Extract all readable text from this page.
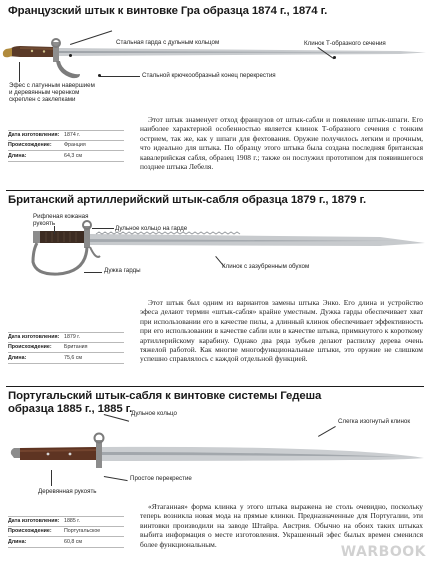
Французский штык к винтовке Гра образца 1874 г., 1874 г.
Стальная гарда с дульным кольцом	Клинок Т-образного сечения
Стальной крючкообразный конец перекрестия
Эфес с латунным навершием и деревянным черенком скреплен с заклепками
Этот штык знаменует отход французов от штык-сабли и появление штык-шпаги. Его наиболее характерной особенностью является клинок Т-образного сечения с тонким острием, так же, как у шпаги для фехтования. Оружие получилось легким и прочным, что идеально для штыка. По образцу этого штыка была создана последняя британская кавалерийская сабля, образец 1908 г.; также он послужил прототипом для появившегося позднее штыка Лебеля.
Дата изготовления: 1874 г.
Происхождение:	Франция
Длина:	64,3 см
Британский артиллерийский штык-сабля образца 1879 г., 1879 г.
Рифленая кожаная рукоять
Дульное кольцо на гарде
Клинок с зазубренным обухом
Дужка гарды
Этот штык был одним из вариантов замены штыка Энко. Его длина и устройство эфеса делают термин «штык-сабля» крайне уместным. Дужка гарды обеспечивает хват при использовании его в качестве пилы, а длинный клинок обеспечивает эффективность при его использовании в качестве сабли или в качестве штыка, примкнутого к короткому артиллерийскому карабину. Однако два ряда зубьев делают распилку дерева очень тяжелой работой. Как многие многофункциональные штыки, это оружие не слишком успешно справлялось с каждой отдельной функцией.
Дата изготовления: 1879 г.
Происхождение:	Британия
Длина:	75,6 см
Португальский штык-сабля к винтовке системы Гедеша образца 1885 г., 1885 г.
Дульное кольцо
Слегка изогнутый клинок
Деревянная рукоять
Простое перекрестие
«Ятаганная» форма клинка у этого штыка выражена не столь очевидно, поскольку теперь возникла новая мода на прямые клинки. Предназначенные для Португалии, эти винтовки производили на заводе Штайра. Австрия. Обычно на обоих таких штыках выбита информация о месте изготовления. Украшенный эфес былых времен сменился более функциональным.
Дата изготовления: 1885 г.
Происхождение:	Португальское
Длина:	60,8 см
WARBOOK
